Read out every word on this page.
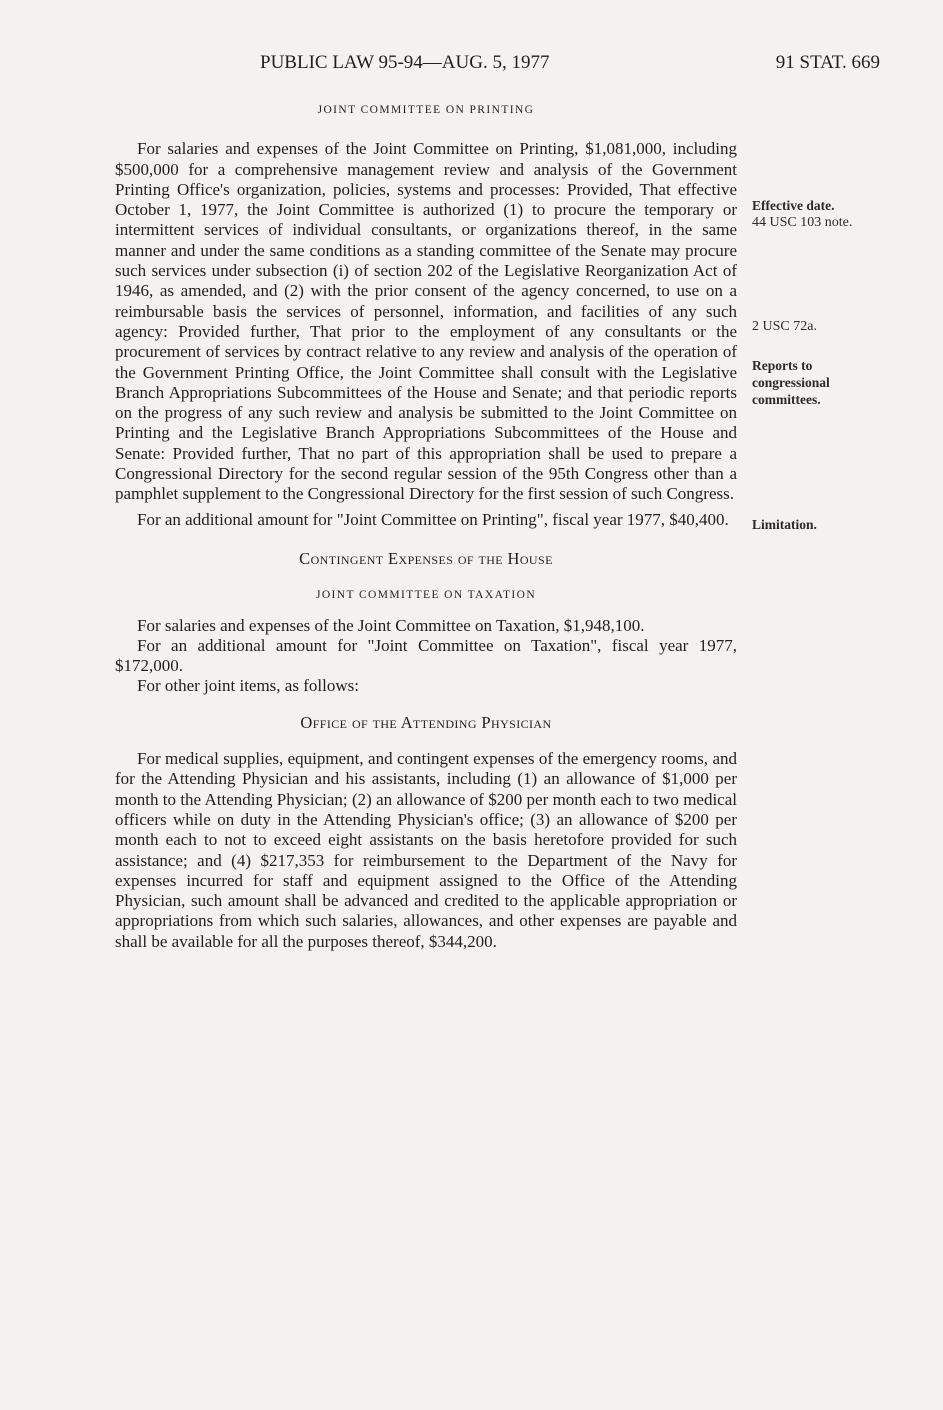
PUBLIC LAW 95-94—AUG. 5, 1977	91 STAT. 669
JOINT COMMITTEE ON PRINTING

For salaries and expenses of the Joint Committee on Printing, $1,081,000, including $500,000 for a comprehensive management review and analysis of the Government Printing Office's organization, policies, systems and processes: Provided, That effective October 1, 1977, the Joint Committee is authorized (1) to procure the temporary or intermittent services of individual consultants, or organizations thereof, in the same manner and under the same conditions as a standing committee of the Senate may procure such services under subsection (i) of section 202 of the Legislative Reorganization Act of 1946, as amended, and (2) with the prior consent of the agency concerned, to use on a reimbursable basis the services of personnel, information, and facilities of any such agency: Provided further, That prior to the employment of any consultants or the procurement of services by contract relative to any review and analysis of the operation of the Government Printing Office, the Joint Committee shall consult with the Legislative Branch Appropriations Subcommittees of the House and Senate; and that periodic reports on the progress of any such review and analysis be submitted to the Joint Committee on Printing and the Legislative Branch Appropriations Subcommittees of the House and Senate: Provided further, That no part of this appropriation shall be used to prepare a Congressional Directory for the second regular session of the 95th Congress other than a pamphlet supplement to the Congressional Directory for the first session of such Congress.

For an additional amount for "Joint Committee on Printing", fiscal year 1977, $40,400.

Contingent Expenses of the House
JOINT COMMITTEE ON TAXATION

For salaries and expenses of the Joint Committee on Taxation, $1,948,100.

For an additional amount for "Joint Committee on Taxation", fiscal year 1977, $172,000.

For other joint items, as follows:

Office of the Attending Physician

For medical supplies, equipment, and contingent expenses of the emergency rooms, and for the Attending Physician and his assistants, including (1) an allowance of $1,000 per month to the Attending Physician; (2) an allowance of $200 per month each to two medical officers while on duty in the Attending Physician's office; (3) an allowance of $200 per month each to not to exceed eight assistants on the basis heretofore provided for such assistance; and (4) $217,353 for reimbursement to the Department of the Navy for expenses incurred for staff and equipment assigned to the Office of the Attending Physician, such amount shall be advanced and credited to the applicable appropriation or appropriations from which such salaries, allowances, and other expenses are payable and shall be available for all the purposes thereof, $344,200.

Effective date.
44 USC 103 note.
2 USC 72a.
Reports to
congressional
committees.
Limitation.
